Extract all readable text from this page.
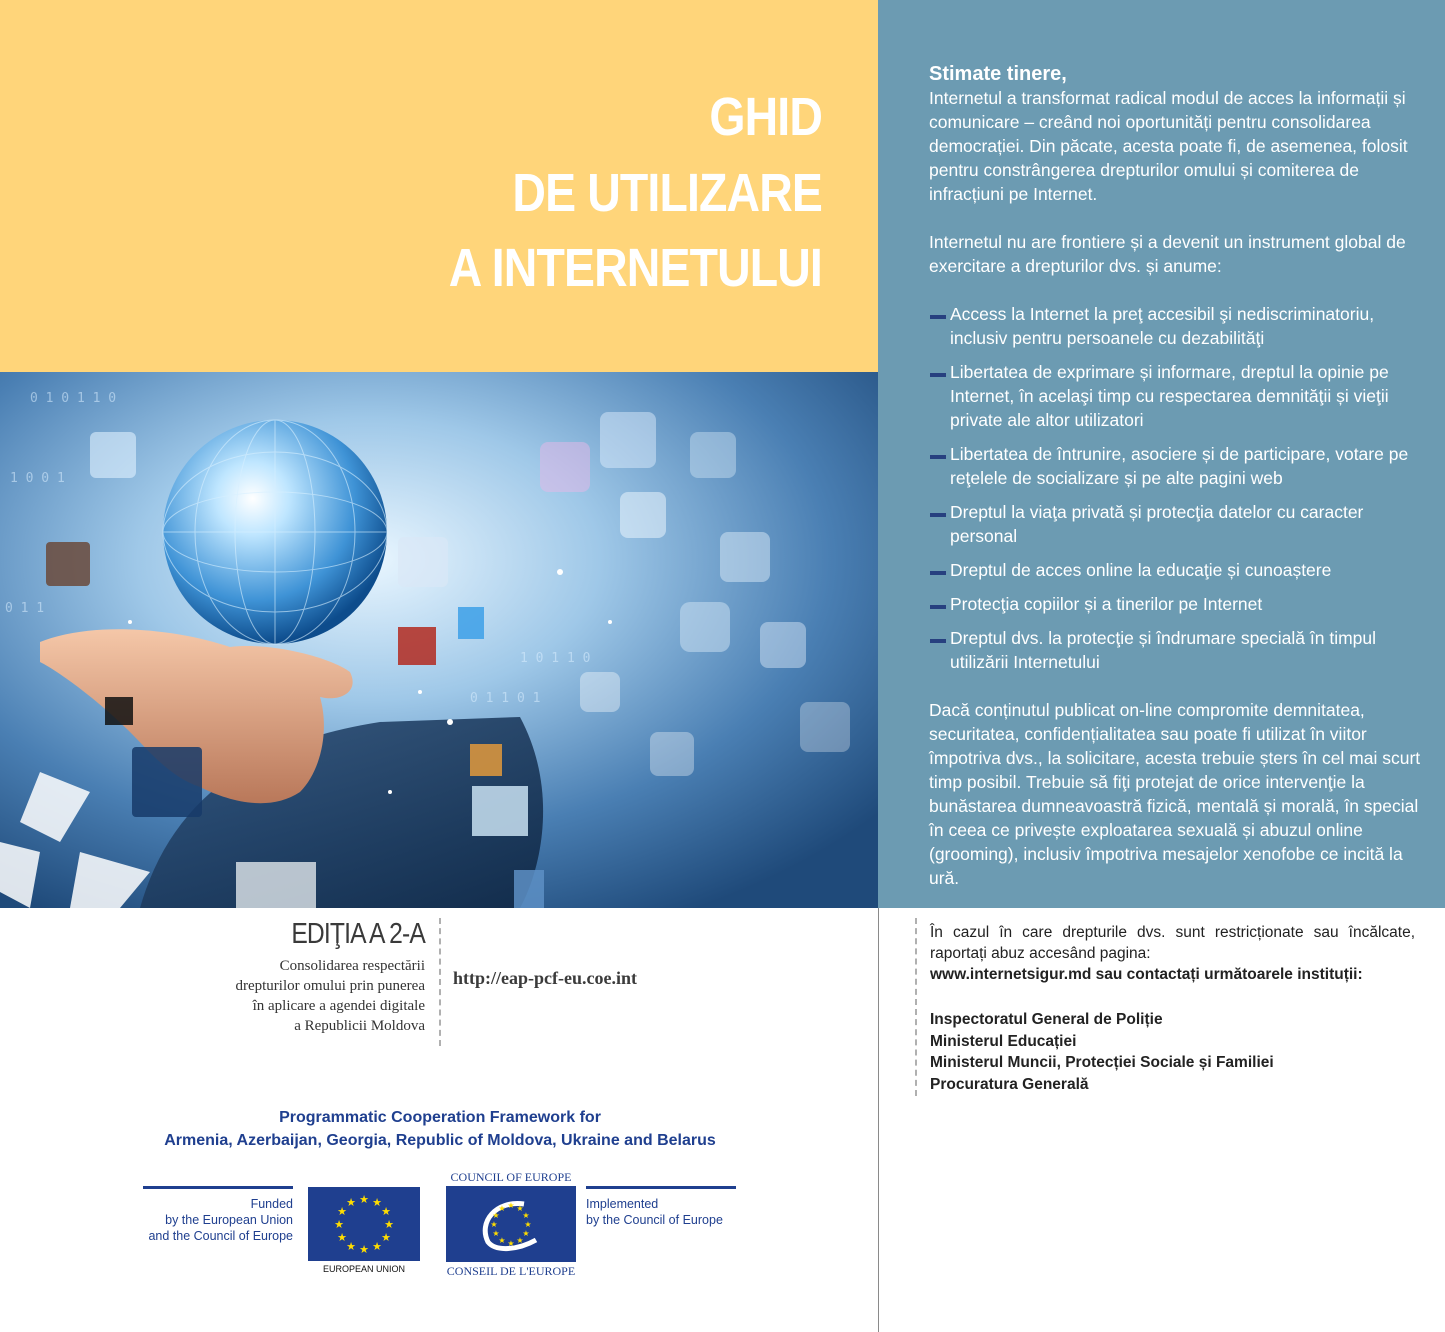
GHID
DE UTILIZARE
A INTERNETULUI
0 1 0 1 1 0
1 0 0 1
0 1 1
1 0 1 1 0
0 1 1 0 1
Stimate tinere,
Internetul a transformat radical modul de acces la informații și comunicare – creând noi oportunități pentru consolidarea democrației. Din păcate, acesta poate fi, de asemenea, folosit pentru constrângerea drepturilor omului și comiterea de infracțiuni pe Internet.
Internetul nu are frontiere și a devenit un instrument global de exercitare a drepturilor dvs. și anume:
Access la Internet la preţ accesibil şi nediscriminatoriu, inclusiv pentru persoanele cu dezabilităţi
Libertatea de exprimare și informare, dreptul la opinie pe Internet, în acelaşi timp cu respectarea demnităţii și vieţii private ale altor utilizatori
Libertatea de întrunire, asociere și de participare, votare pe reţelele de socializare și pe alte pagini web
Dreptul la viaţa privată și protecţia datelor cu caracter personal
Dreptul de acces online la educaţie și cunoaștere
Protecţia copiilor și a tinerilor pe Internet
Dreptul dvs. la protecţie și îndrumare specială în timpul utilizării Internetului
Dacă conținutul publicat on-line compromite demnitatea, securitatea, confidențialitatea sau poate fi utilizat în viitor împotriva dvs., la solicitare, acesta trebuie șters în cel mai scurt timp posibil. Trebuie să fiţi protejat de orice intervenţie la bunăstarea dumneavoastră fizică, mentală și morală, în special în ceea ce privește exploatarea sexuală și abuzul online (grooming), inclusiv împotriva mesajelor xenofobe ce incită la ură.
EDIŢIA A 2-A
Consolidarea respectării
drepturilor omului prin punerea
în aplicare a agendei digitale
a Republicii Moldova
http://eap-pcf-eu.coe.int
Programmatic Cooperation Framework for
Armenia, Azerbaijan, Georgia, Republic of Moldova, Ukraine and Belarus
Funded
by the European Union
and the Council of Europe
★ ★
★
★
★
★
★
★
★
★
★
★
EUROPEAN UNION
COUNCIL OF EUROPE
★ ★
★
★
★
★
★
★
★
★
★
★
CONSEIL DE L'EUROPE
Implemented
by the Council of Europe
În cazul în care drepturile dvs. sunt restricționate sau încălcate, raportați abuz accesând pagina:
www.internetsigur.md sau contactați următoarele instituții:
Inspectoratul General de Poliție
Ministerul Educației
Ministerul Muncii, Protecției Sociale și Familiei
Procuratura Generală
